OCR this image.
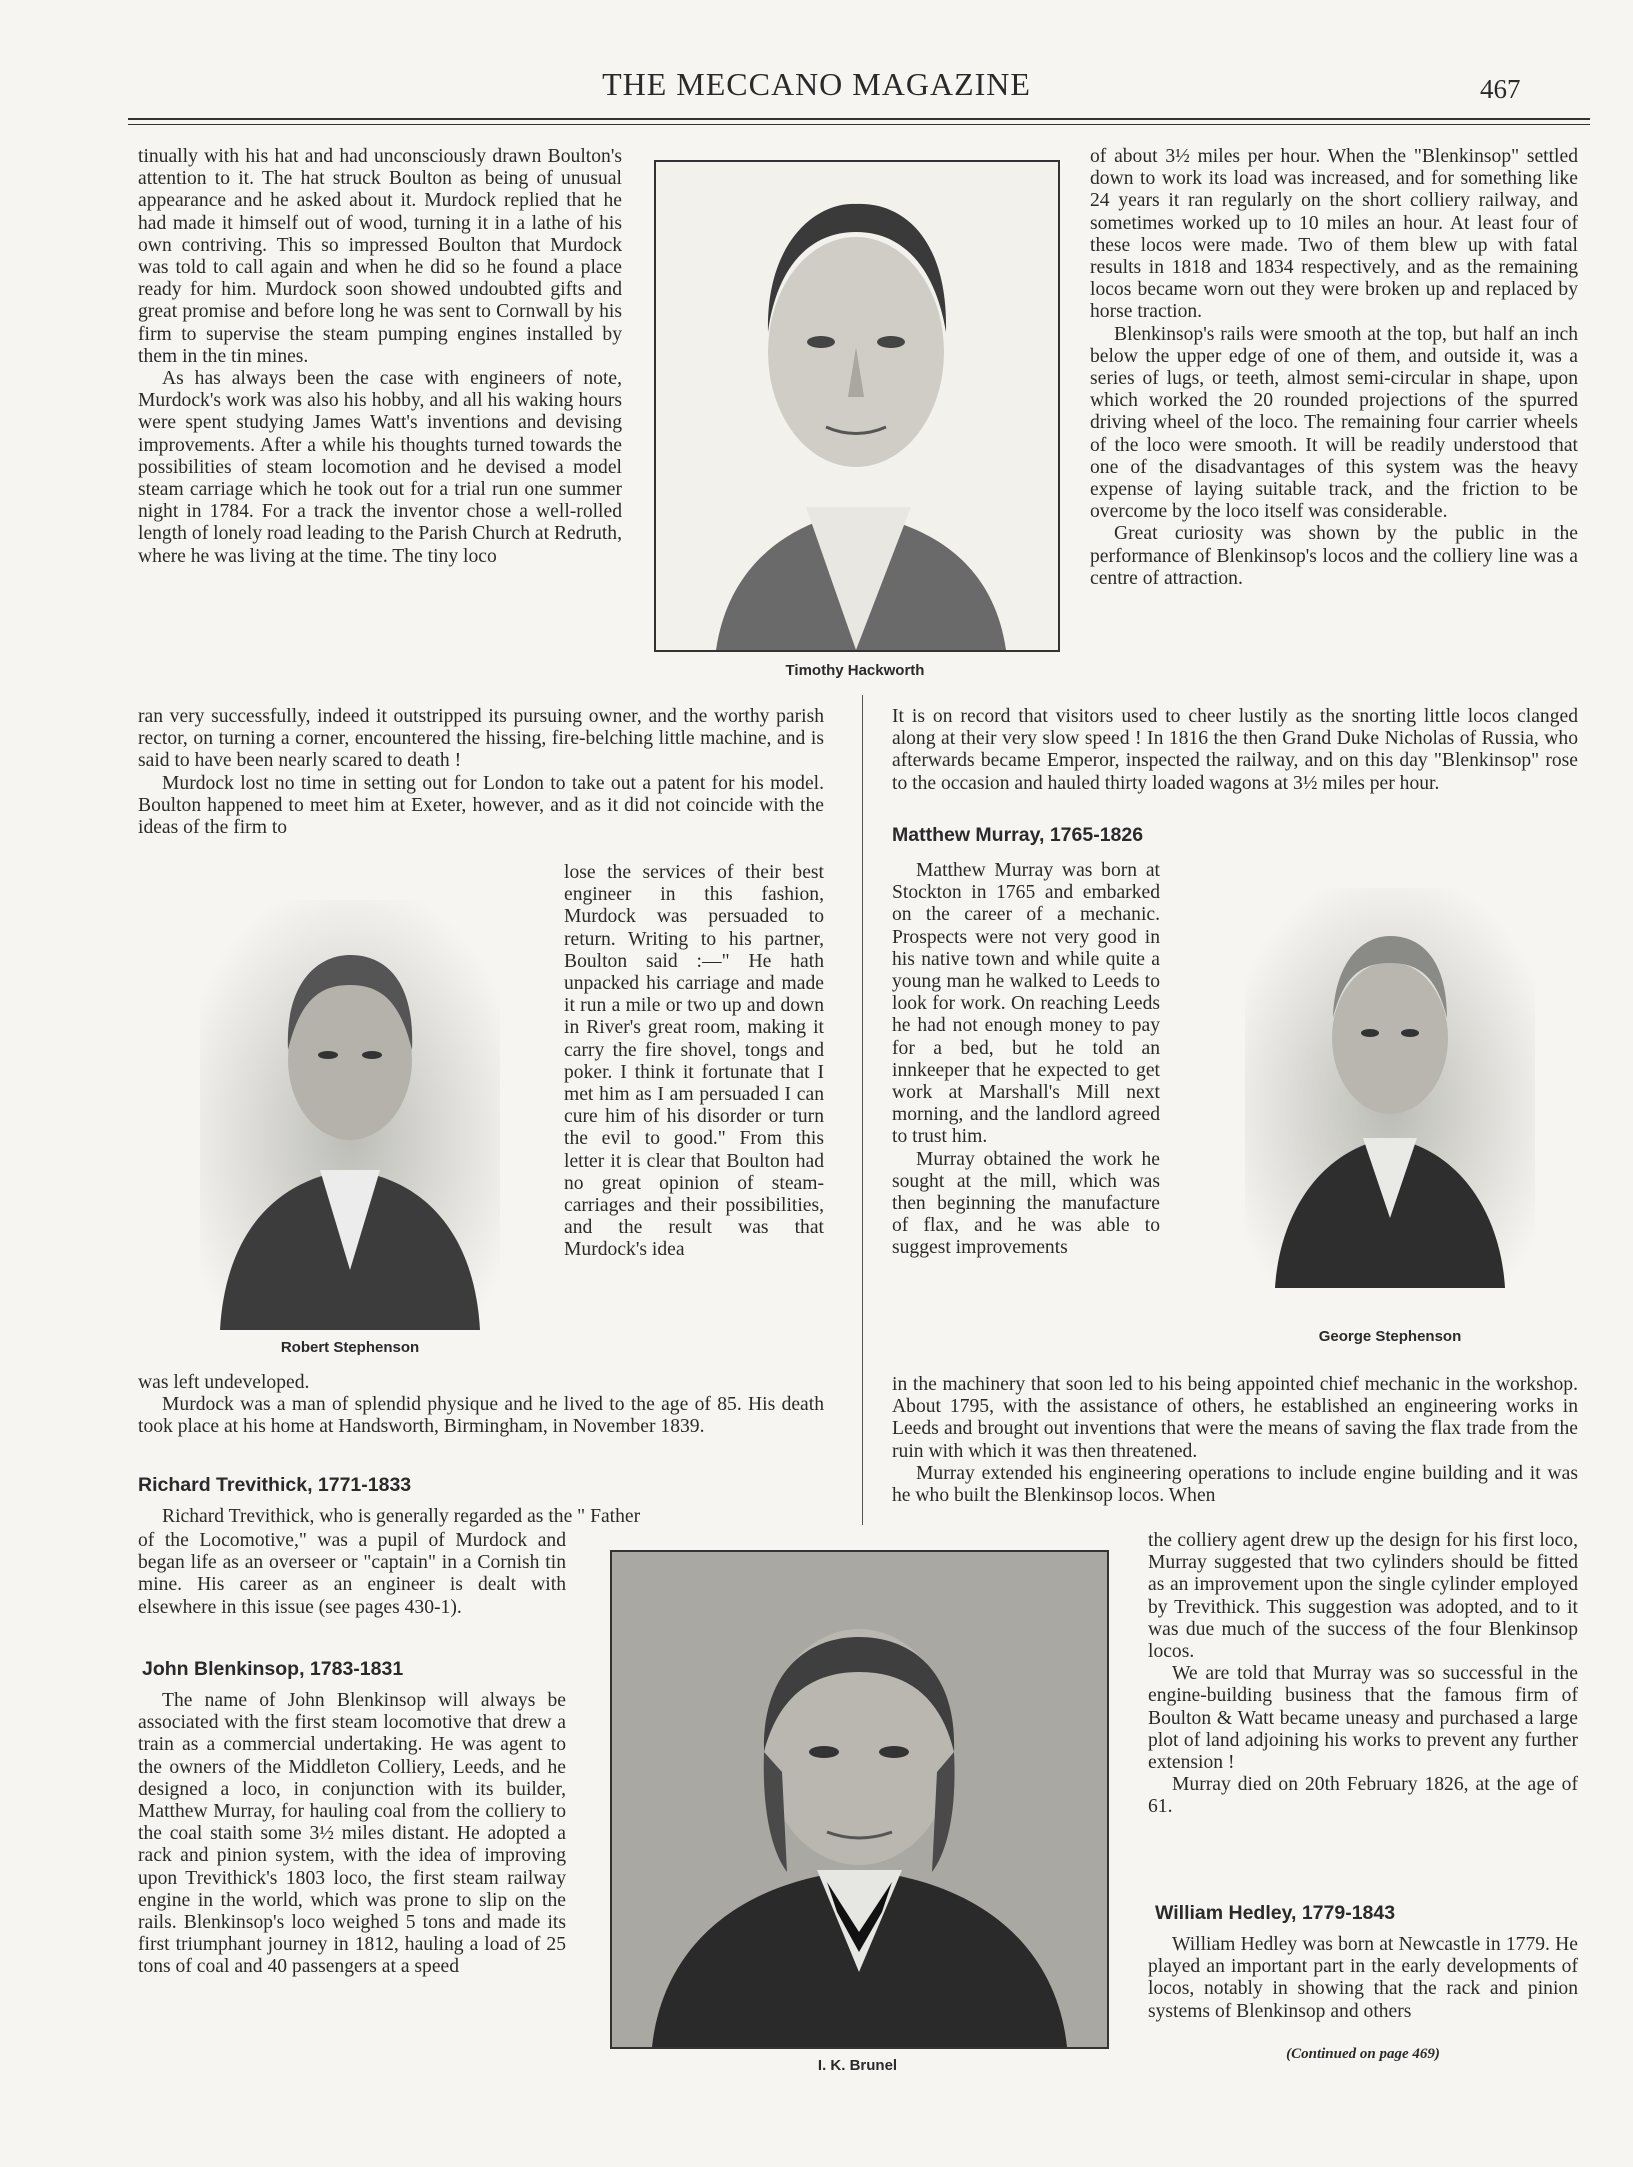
THE MECCANO MAGAZINE	467
Timothy Hackworth
Robert Stephenson
George Stephenson
I. K. Brunel

tinually with his hat and had unconsciously drawn Boulton's attention to it. The hat struck Boulton as being of unusual appearance and he asked about it. Murdock replied that he had made it himself out of wood, turning it in a lathe of his own contriving. This so impressed Boulton that Murdock was told to call again and when he did so he found a place ready for him. Murdock soon showed undoubted gifts and great promise and before long he was sent to Cornwall by his firm to supervise the steam pumping engines installed by them in the tin mines.

As has always been the case with engineers of note, Murdock's work was also his hobby, and all his waking hours were spent studying James Watt's inventions and devising improvements. After a while his thoughts turned towards the possibilities of steam locomotion and he devised a model steam carriage which he took out for a trial run one summer night in 1784. For a track the inventor chose a well-rolled length of lonely road leading to the Parish Church at Redruth, where he was living at the time. The tiny loco

ran very successfully, indeed it outstripped its pursuing owner, and the worthy parish rector, on turning a corner, encountered the hissing, fire-belching little machine, and is said to have been nearly scared to death !

Murdock lost no time in setting out for London to take out a patent for his model. Boulton happened to meet him at Exeter, however, and as it did not coincide with the ideas of the firm to

lose the services of their best engineer in this fashion, Murdock was persuaded to return. Writing to his partner, Boulton said :—" He hath unpacked his carriage and made it run a mile or two up and down in River's great room, making it carry the fire shovel, tongs and poker. I think it fortunate that I met him as I am persuaded I can cure him of his disorder or turn the evil to good." From this letter it is clear that Boulton had no great opinion of steam-carriages and their possibilities, and the result was that Murdock's idea

was left undeveloped.

Murdock was a man of splendid physique and he lived to the age of 85. His death took place at his home at Handsworth, Birmingham, in November 1839.

Richard Trevithick, 1771-1833

Richard Trevithick, who is generally regarded as the " Father

of the Locomotive," was a pupil of Murdock and began life as an overseer or "captain" in a Cornish tin mine. His career as an engineer is dealt with elsewhere in this issue (see pages 430-1).

John Blenkinsop, 1783-1831

The name of John Blenkinsop will always be associated with the first steam locomotive that drew a train as a commercial undertaking. He was agent to the owners of the Middleton Colliery, Leeds, and he designed a loco, in conjunction with its builder, Matthew Murray, for hauling coal from the colliery to the coal staith some 3½ miles distant. He adopted a rack and pinion system, with the idea of improving upon Trevithick's 1803 loco, the first steam railway engine in the world, which was prone to slip on the rails. Blenkinsop's loco weighed 5 tons and made its first triumphant journey in 1812, hauling a load of 25 tons of coal and 40 passengers at a speed

of about 3½ miles per hour. When the "Blenkinsop" settled down to work its load was increased, and for something like 24 years it ran regularly on the short colliery railway, and sometimes worked up to 10 miles an hour. At least four of these locos were made. Two of them blew up with fatal results in 1818 and 1834 respectively, and as the remaining locos became worn out they were broken up and replaced by horse traction.

Blenkinsop's rails were smooth at the top, but half an inch below the upper edge of one of them, and outside it, was a series of lugs, or teeth, almost semi-circular in shape, upon which worked the 20 rounded projections of the spurred driving wheel of the loco. The remaining four carrier wheels of the loco were smooth. It will be readily understood that one of the disadvantages of this system was the heavy expense of laying suitable track, and the friction to be overcome by the loco itself was considerable.

Great curiosity was shown by the public in the performance of Blenkinsop's locos and the colliery line was a centre of attraction.

It is on record that visitors used to cheer lustily as the snorting little locos clanged along at their very slow speed ! In 1816 the then Grand Duke Nicholas of Russia, who afterwards became Emperor, inspected the railway, and on this day "Blenkinsop" rose to the occasion and hauled thirty loaded wagons at 3½ miles per hour.

Matthew Murray, 1765-1826

Matthew Murray was born at Stockton in 1765 and embarked on the career of a mechanic. Prospects were not very good in his native town and while quite a young man he walked to Leeds to look for work. On reaching Leeds he had not enough money to pay for a bed, but he told an innkeeper that he expected to get work at Marshall's Mill next morning, and the landlord agreed to trust him.

Murray obtained the work he sought at the mill, which was then beginning the manufacture of flax, and he was able to suggest improvements

in the machinery that soon led to his being appointed chief mechanic in the workshop. About 1795, with the assistance of others, he established an engineering works in Leeds and brought out inventions that were the means of saving the flax trade from the ruin with which it was then threatened.

Murray extended his engineering operations to include engine building and it was he who built the Blenkinsop locos. When

the colliery agent drew up the design for his first loco, Murray suggested that two cylinders should be fitted as an improvement upon the single cylinder employed by Trevithick. This suggestion was adopted, and to it was due much of the success of the four Blenkinsop locos.

We are told that Murray was so successful in the engine-building business that the famous firm of Boulton & Watt became uneasy and purchased a large plot of land adjoining his works to prevent any further extension !

Murray died on 20th February 1826, at the age of 61.

William Hedley, 1779-1843

William Hedley was born at Newcastle in 1779. He played an important part in the early developments of locos, notably in showing that the rack and pinion systems of Blenkinsop and others

(Continued on page 469)
